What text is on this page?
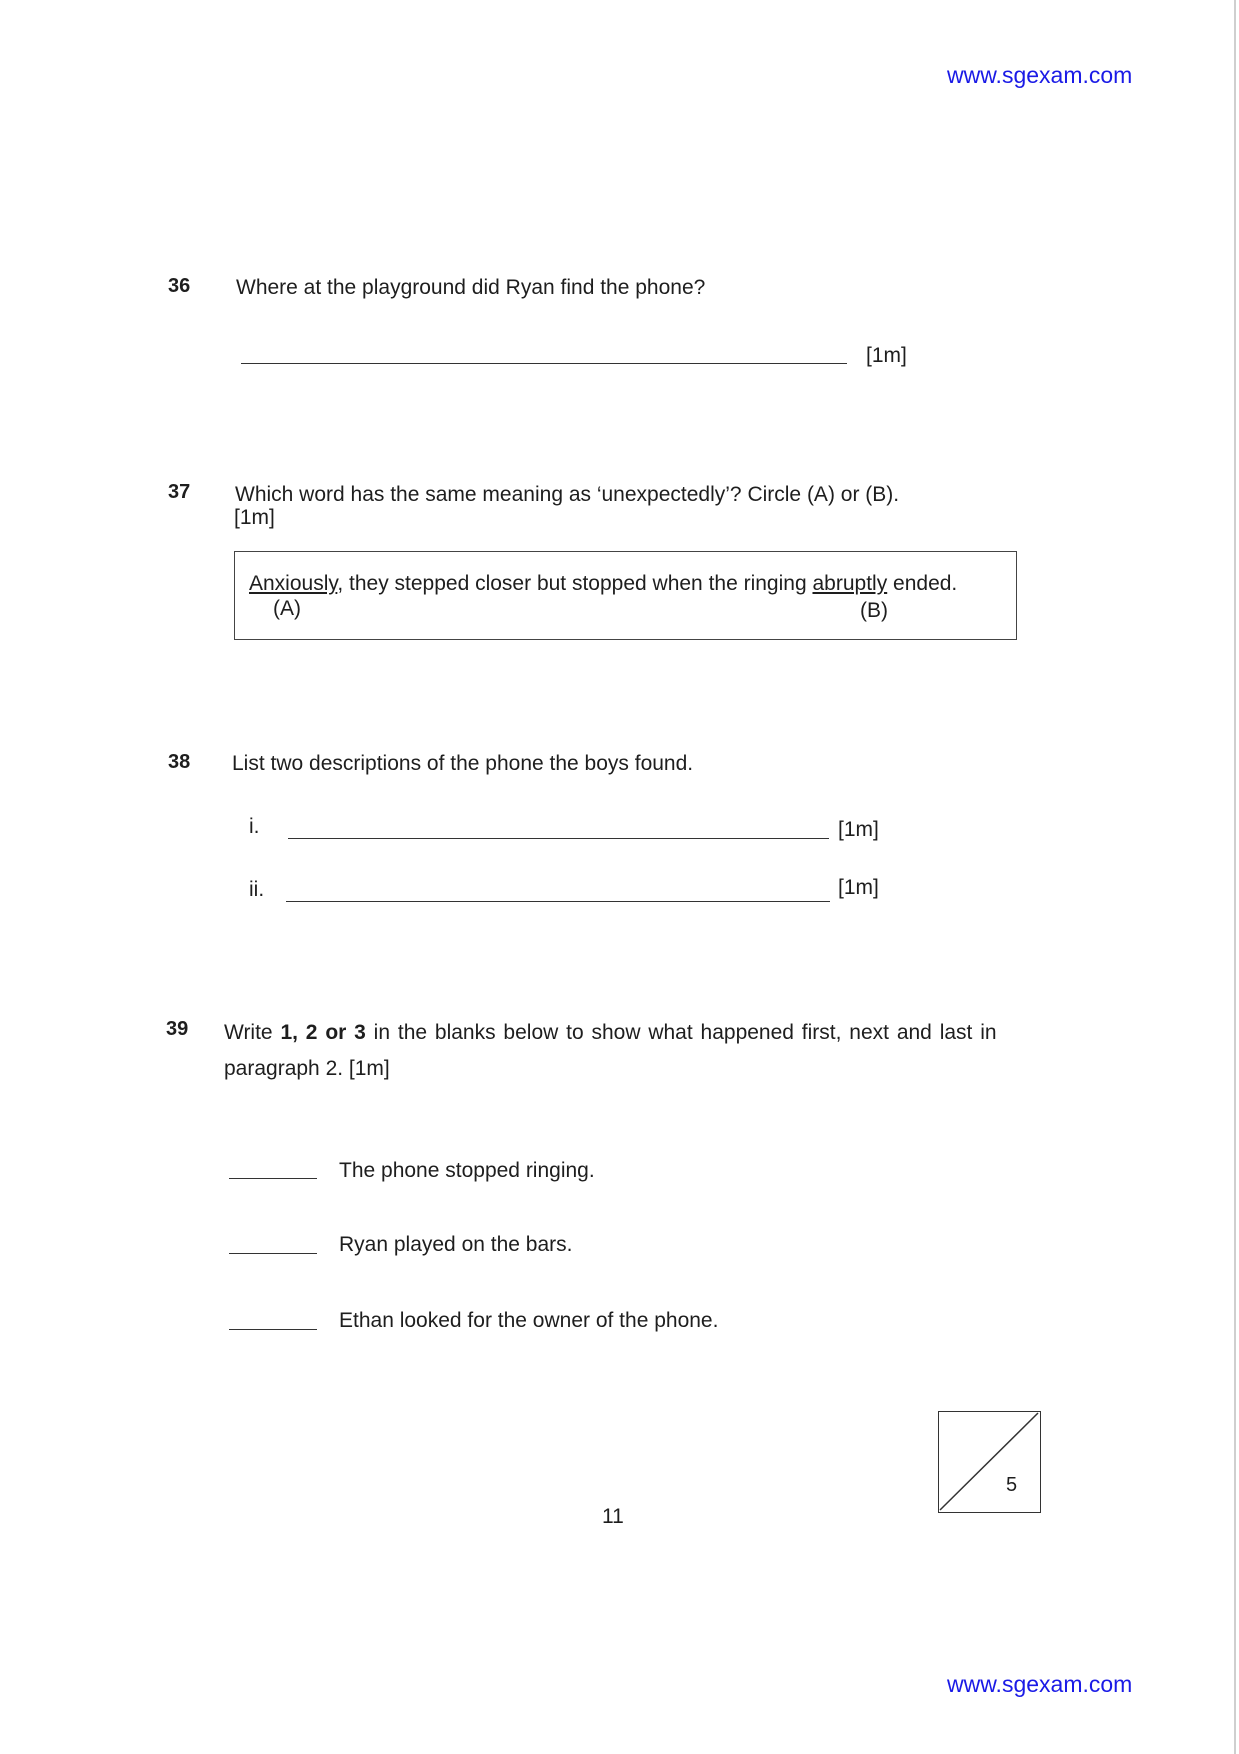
www.sgexam.com
36 Where at the playground did Ryan find the phone?
[1m]
37 Which word has the same meaning as ‘unexpectedly’? Circle (A) or (B).
[1m]
Anxiously, they stepped closer but stopped when the ringing abruptly ended.
(A)	(B)
38 List two descriptions of the phone the boys found.
i.	[1m]
ii.	[1m]
39 Write 1, 2 or 3 in the blanks below to show what happened first, next and last in
paragraph 2. [1m]
The phone stopped ringing.
Ryan played on the bars.
Ethan looked for the owner of the phone.
5
11
www.sgexam.com
